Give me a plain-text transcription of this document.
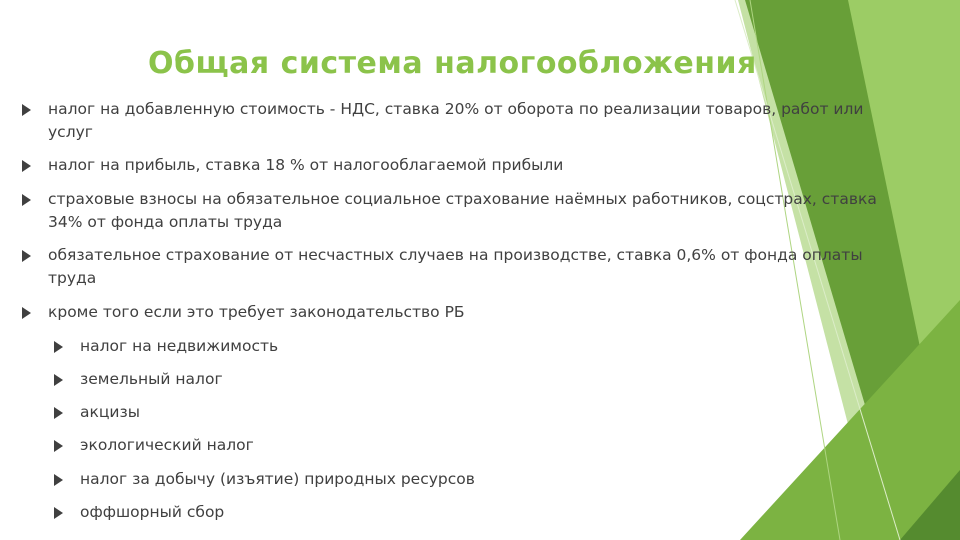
Общая система налогообложения
налог на добавленную стоимость - НДС, ставка 20% от оборота по реализации товаров, работ или услуг
налог на прибыль, ставка 18 % от налогооблагаемой прибыли
страховые взносы на обязательное социальное страхование наёмных работников, соцстрах, ставка 34% от фонда оплаты труда
обязательное страхование от несчастных случаев на производстве, ставка 0,6% от фонда оплаты труда
кроме того если это требует законодательство РБ
налог на недвижимость
земельный налог
акцизы
экологический налог
налог за добычу (изъятие) природных ресурсов
оффшорный сбор
